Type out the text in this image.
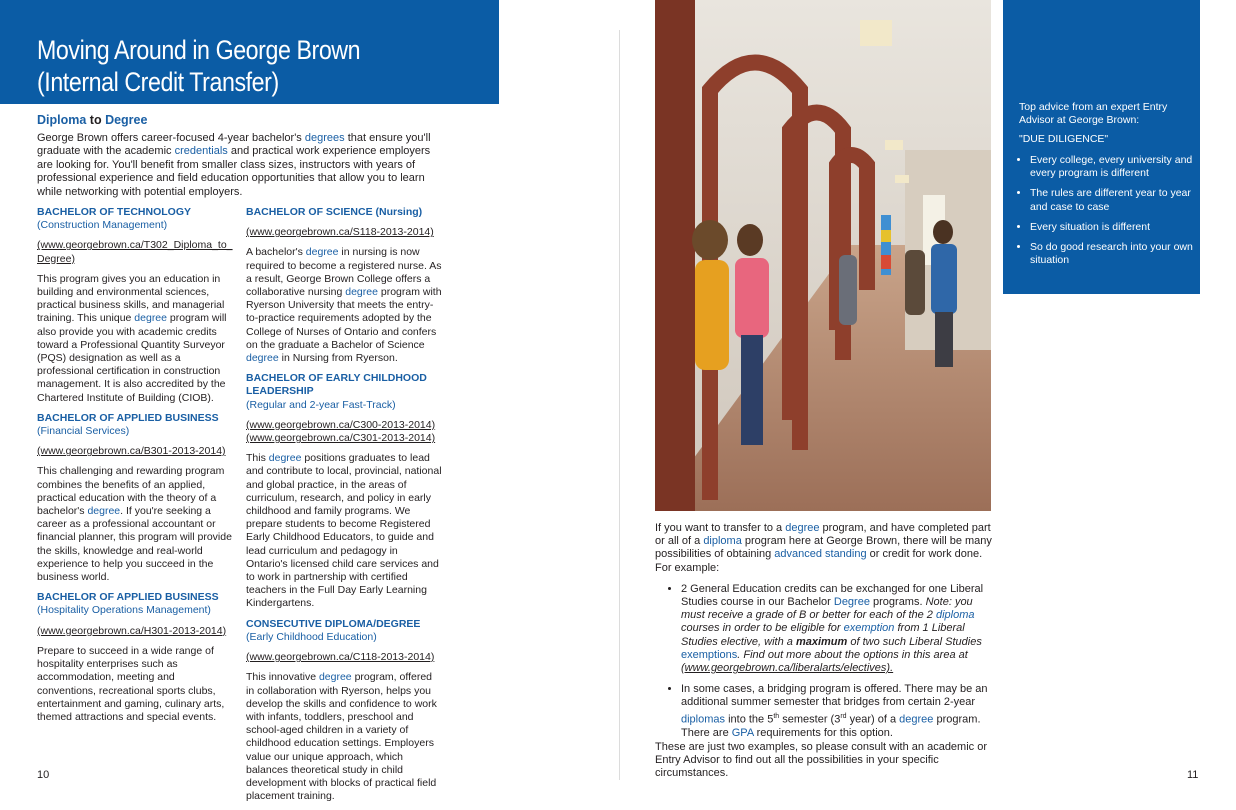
Moving Around in George Brown
(Internal Credit Transfer)
Diploma to Degree
George Brown offers career-focused 4-year bachelor's degrees that ensure you'll graduate with the academic credentials and practical work experience employers are looking for. You'll benefit from smaller class sizes, instructors with years of professional experience and field education opportunities that allow you to learn while networking with potential employers.

BACHELOR OF TECHNOLOGY
(Construction Management)

(www.georgebrown.ca/T302_Diploma_to_Degree)

This program gives you an education in building and environmental sciences, practical business skills, and managerial training. This unique degree program will also provide you with academic credits toward a Professional Quantity Surveyor (PQS) designation as well as a professional certification in construction management. It is also accredited by the Chartered Institute of Building (CIOB).

BACHELOR OF APPLIED BUSINESS
(Financial Services)

(www.georgebrown.ca/B301-2013-2014)

This challenging and rewarding program combines the benefits of an applied, practical education with the theory of a bachelor's degree. If you're seeking a career as a professional accountant or financial planner, this program will provide the skills, knowledge and real-world experience to help you succeed in the business world.

BACHELOR OF APPLIED BUSINESS
(Hospitality Operations Management)

(www.georgebrown.ca/H301-2013-2014)

Prepare to succeed in a wide range of hospitality enterprises such as accommodation, meeting and conventions, recreational sports clubs, entertainment and gaming, culinary arts, themed attractions and special events.

BACHELOR OF SCIENCE (Nursing)

(www.georgebrown.ca/S118-2013-2014)

A bachelor's degree in nursing is now required to become a registered nurse. As a result, George Brown College offers a collaborative nursing degree program with Ryerson University that meets the entry-to-practice requirements adopted by the College of Nurses of Ontario and confers on the graduate a Bachelor of Science degree in Nursing from Ryerson.

BACHELOR OF EARLY CHILDHOOD LEADERSHIP
(Regular and 2-year Fast-Track)

(www.georgebrown.ca/C300-2013-2014)

(www.georgebrown.ca/C301-2013-2014)

This degree positions graduates to lead and contribute to local, provincial, national and global practice, in the areas of curriculum, research, and policy in early childhood and family programs. We prepare students to become Registered Early Childhood Educators, to guide and lead curriculum and pedagogy in Ontario's licensed child care services and to work in partnership with certified teachers in the Full Day Early Learning Kindergartens.

CONSECUTIVE DIPLOMA/DEGREE
(Early Childhood Education)

(www.georgebrown.ca/C118-2013-2014)

This innovative degree program, offered in collaboration with Ryerson, helps you develop the skills and confidence to work with infants, toddlers, preschool and school-aged children in a variety of childhood education settings. Employers value our unique approach, which balances theoretical study in child development with blocks of practical field placement training.

10
Top advice from an expert Entry Advisor at George Brown:

"DUE DILIGENCE"
• Every college, every university and every program is different
• The rules are different year to year and case to case
• Every situation is different
• So do good research into your own situation

If you want to transfer to a degree program, and have completed part or all of a diploma program here at George Brown, there will be many possibilities of obtaining advanced standing or credit for work done. For example:

• 2 General Education credits can be exchanged for one Liberal Studies course in our Bachelor Degree programs. Note: you must receive a grade of B or better for each of the 2 diploma courses in order to be eligible for exemption from 1 Liberal Studies elective, with a maximum of two such Liberal Studies exemptions. Find out more about the options in this area at (www.georgebrown.ca/liberalarts/electives).
• In some cases, a bridging program is offered. There may be an additional summer semester that bridges from certain 2-year diplomas into the 5th semester (3rd year) of a degree program. There are GPA requirements for this option.
These are just two examples, so please consult with an academic or Entry Advisor to find out all the possibilities in your specific circumstances.	11
